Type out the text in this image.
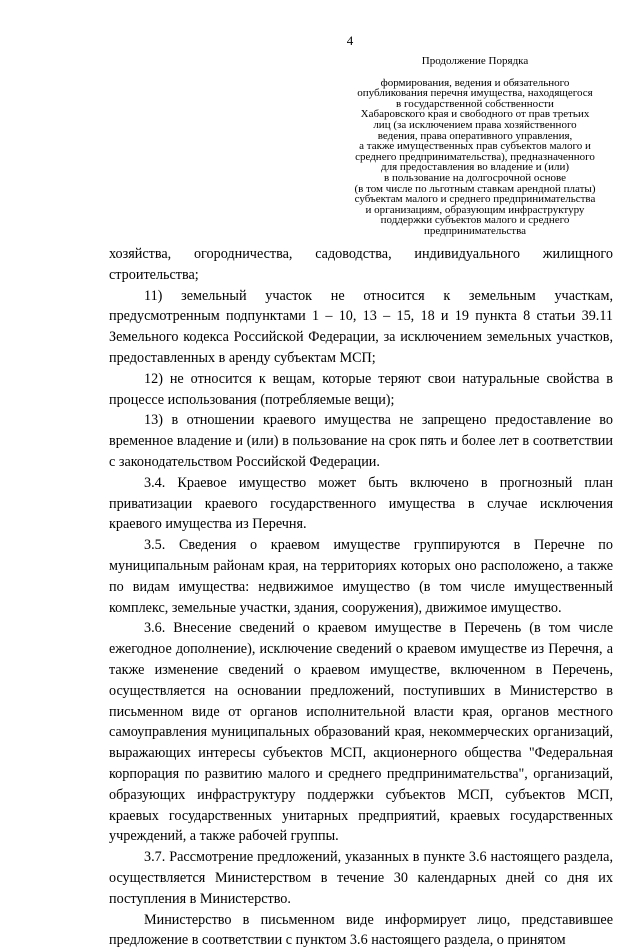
4
Продолжение Порядка
формирования, ведения и обязательного
опубликования перечня имущества, находящегося
в государственной собственности
Хабаровского края и свободного от прав третьих
лиц (за исключением права хозяйственного
ведения, права оперативного управления,
а также имущественных прав субъектов малого и
среднего предпринимательства), предназначенного
для предоставления во владение и (или)
в пользование на долгосрочной основе
(в том числе по льготным ставкам арендной платы)
субъектам малого и среднего предпринимательства
и организациям, образующим инфраструктуру
поддержки субъектов малого и среднего
предпринимательства

хозяйства, огородничества, садоводства, индивидуального жилищного строительства;

11) земельный участок не относится к земельным участкам, предусмотренным подпунктами 1 – 10, 13 – 15, 18 и 19 пункта 8 статьи 39.11 Земельного кодекса Российской Федерации, за исключением земельных участков, предоставленных в аренду субъектам МСП;

12) не относится к вещам, которые теряют свои натуральные свойства в процессе использования (потребляемые вещи);

13) в отношении краевого имущества не запрещено предоставление во временное владение и (или) в пользование на срок пять и более лет в соответствии с законодательством Российской Федерации.

3.4. Краевое имущество может быть включено в прогнозный план приватизации краевого государственного имущества в случае исключения краевого имущества из Перечня.

3.5. Сведения о краевом имуществе группируются в Перечне по муниципальным районам края, на территориях которых оно расположено, а также по видам имущества: недвижимое имущество (в том числе имущественный комплекс, земельные участки, здания, сооружения), движимое имущество.

3.6. Внесение сведений о краевом имуществе в Перечень (в том числе ежегодное дополнение), исключение сведений о краевом имуществе из Перечня, а также изменение сведений о краевом имуществе, включенном в Перечень, осуществляется на основании предложений, поступивших в Министерство в письменном виде от органов исполнительной власти края, органов местного самоуправления муниципальных образований края, некоммерческих организаций, выражающих интересы субъектов МСП, акционерного общества "Федеральная корпорация по развитию малого и среднего предпринимательства", организаций, образующих инфраструктуру поддержки субъектов МСП, субъектов МСП, краевых государственных унитарных предприятий, краевых государственных учреждений, а также рабочей группы.

3.7. Рассмотрение предложений, указанных в пункте 3.6 настоящего раздела, осуществляется Министерством в течение 30 календарных дней со дня их поступления в Министерство.

Министерство в письменном виде информирует лицо, представившее предложение в соответствии с пунктом 3.6 настоящего раздела, о принятом
